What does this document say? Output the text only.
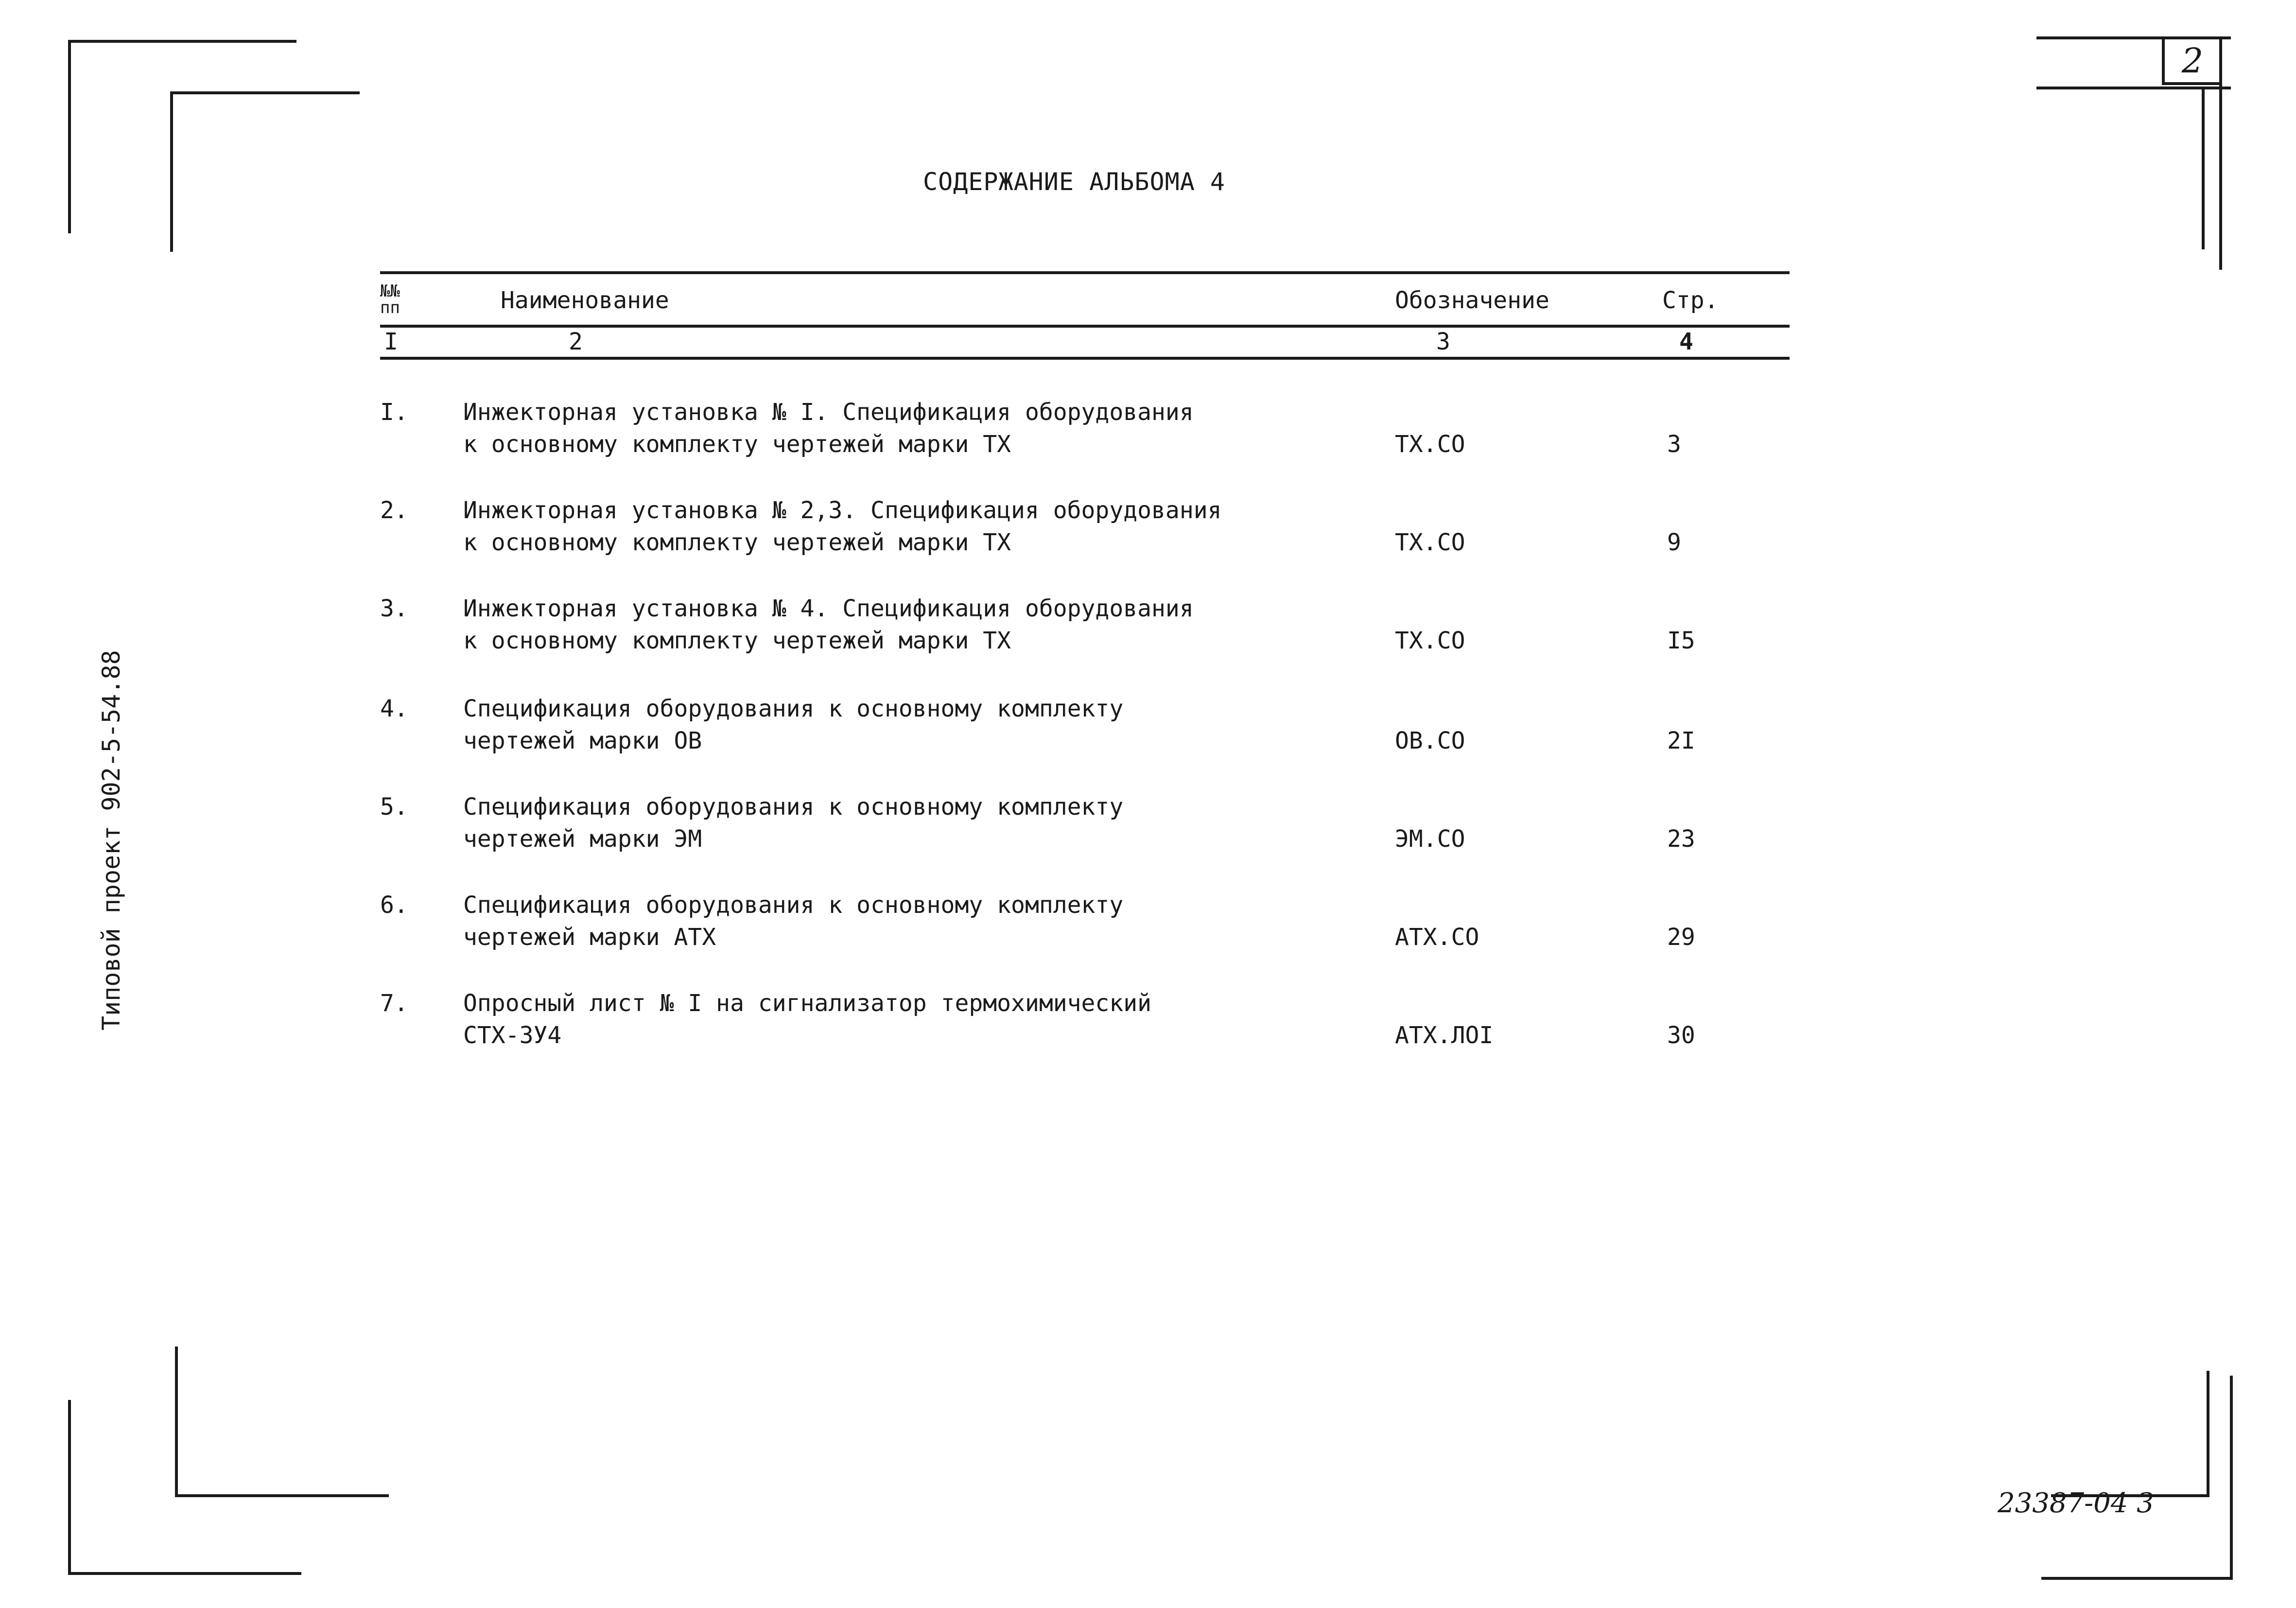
2
СОДЕРЖАНИЕ АЛЬБОМА 4
Типовой проект 902-5-54.88
№№
пп	Наименование	Обозначение	Стр.
I	2	3	4
I. Инжекторная установка № I. Спецификация оборудования
к основному комплекту чертежей марки ТХ	ТХ.СО	3
2. Инжекторная установка № 2,3. Спецификация оборудования
к основному комплекту чертежей марки ТХ	ТХ.СО	9
3. Инжекторная установка № 4. Спецификация оборудования
к основному комплекту чертежей марки ТХ	ТХ.СО	I5
4. Спецификация оборудования к основному комплекту
чертежей марки ОВ	ОВ.СО	2I
5. Спецификация оборудования к основному комплекту
чертежей марки ЭМ	ЭМ.СО	23
6. Спецификация оборудования к основному комплекту
чертежей марки АТХ	АТХ.СО	29
7. Опросный лист № I на сигнализатор термохимический
СТХ-3У4	АТХ.ЛОI	30
23387-04 3
